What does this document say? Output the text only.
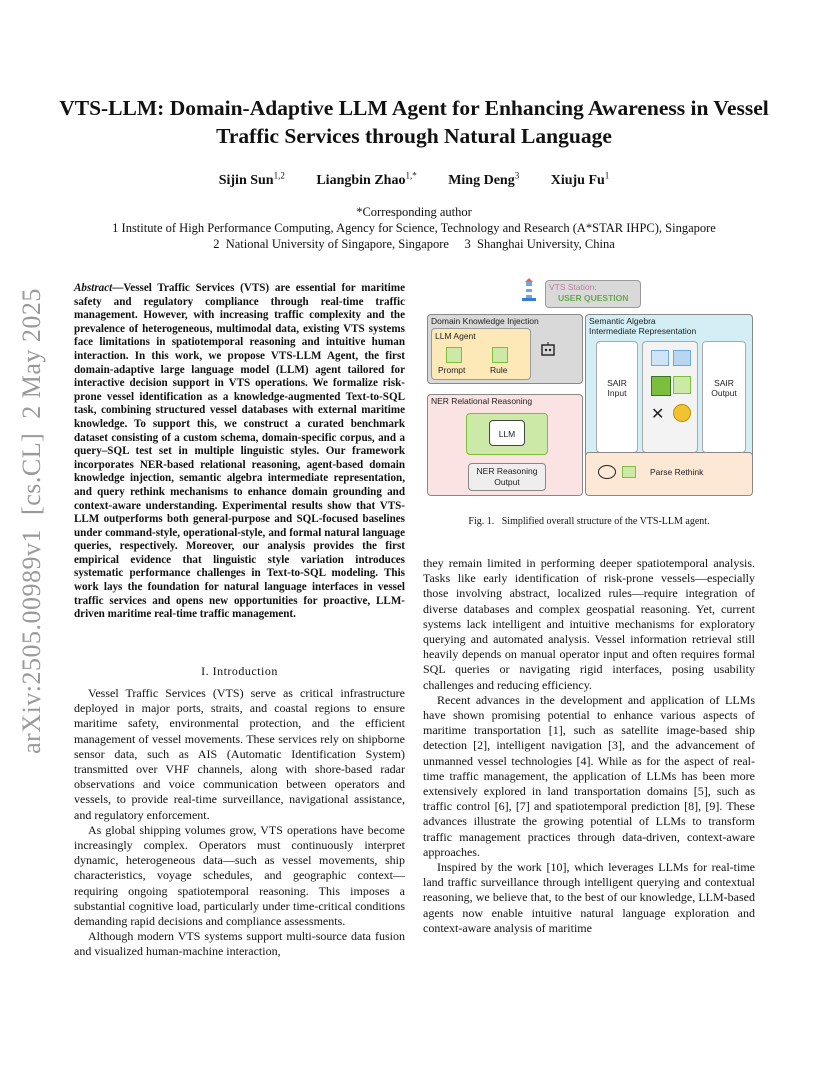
VTS-LLM: Domain-Adaptive LLM Agent for Enhancing Awareness in Vessel Traffic Services through Natural Language
Sijin Sun$^{1,2}$ Liangbin Zhao$^{1,*}$ Ming Deng$^3$ Xiuju Fu$^1$
*Corresponding author
1 Institute of High Performance Computing, Agency for Science, Technology and Research (A*STAR IHPC), Singapore
2  National University of Singapore, Singapore     3  Shanghai University, China
arXiv:2505.00989v1  [cs.CL]  2 May 2025
Abstract—Vessel Traffic Services (VTS) are essential for maritime safety and regulatory compliance through real-time traffic management. However, with increasing traffic complexity and the prevalence of heterogeneous, multimodal data, existing VTS systems face limitations in spatiotemporal reasoning and intuitive human interaction. In this work, we propose VTS-LLM Agent, the first domain-adaptive large language model (LLM) agent tailored for interactive decision support in VTS operations. We formalize risk-prone vessel identification as a knowledge-augmented Text-to-SQL task, combining structured vessel databases with external maritime knowledge. To support this, we construct a curated benchmark dataset consisting of a custom schema, domain-specific corpus, and a query–SQL test set in multiple linguistic styles. Our framework incorporates NER-based relational reasoning, agent-based domain knowledge injection, semantic algebra intermediate representation, and query rethink mechanisms to enhance domain grounding and context-aware understanding. Experimental results show that VTS-LLM outperforms both general-purpose and SQL-focused baselines under command-style, operational-style, and formal natural language queries, respectively. Moreover, our analysis provides the first empirical evidence that linguistic style variation introduces systematic performance challenges in Text-to-SQL modeling. This work lays the foundation for natural language interfaces in vessel traffic services and opens new opportunities for proactive, LLM-driven maritime real-time traffic management.
I. Introduction

Vessel Traffic Services (VTS) serve as critical infrastructure deployed in major ports, straits, and coastal regions to ensure maritime safety, environmental protection, and the efficient management of vessel movements. These services rely on shipborne sensor data, such as AIS (Automatic Identification System) transmitted over VHF channels, along with shore-based radar observations and voice communication between operators and vessels, to provide real-time surveillance, navigational assistance, and regulatory enforcement.

As global shipping volumes grow, VTS operations have become increasingly complex. Operators must continuously interpret dynamic, heterogeneous data—such as vessel movements, ship characteristics, voyage schedules, and geographic context—requiring ongoing spatiotemporal reasoning. This imposes a substantial cognitive load, particularly under time-critical conditions demanding rapid decisions and compliance assessments.

Although modern VTS systems support multi-source data fusion and visualized human-machine interaction,

VTS Station:
USER QUESTION
Domain Knowledge Injection
LLM Agent
Prompt	Rule
Semantic Algebra
Intermediate Representation
SAIR
Input
✕
SAIR
Output
NER Relational Reasoning
LLM
NER Reasoning
Output
Parse Rethink
Fig. 1.   Simplified overall structure of the VTS-LLM agent.

they remain limited in performing deeper spatiotemporal analysis. Tasks like early identification of risk-prone vessels—especially those involving abstract, localized rules—require integration of diverse databases and complex geospatial reasoning. Yet, current systems lack intelligent and intuitive mechanisms for exploratory querying and automated analysis. Vessel information retrieval still heavily depends on manual operator input and often requires formal SQL queries or navigating rigid interfaces, posing usability challenges and reducing efficiency.

Recent advances in the development and application of LLMs have shown promising potential to enhance various aspects of maritime transportation [1], such as satellite image-based ship detection [2], intelligent navigation [3], and the advancement of unmanned vessel technologies [4]. While as for the aspect of real-time traffic management, the application of LLMs has been more extensively explored in land transportation domains [5], such as traffic control [6], [7] and spatiotemporal prediction [8], [9]. These advances illustrate the growing potential of LLMs to transform traffic management practices through data-driven, context-aware approaches.

Inspired by the work [10], which leverages LLMs for real-time land traffic surveillance through intelligent querying and contextual reasoning, we believe that, to the best of our knowledge, LLM-based agents now enable intuitive natural language exploration and context-aware analysis of maritime
